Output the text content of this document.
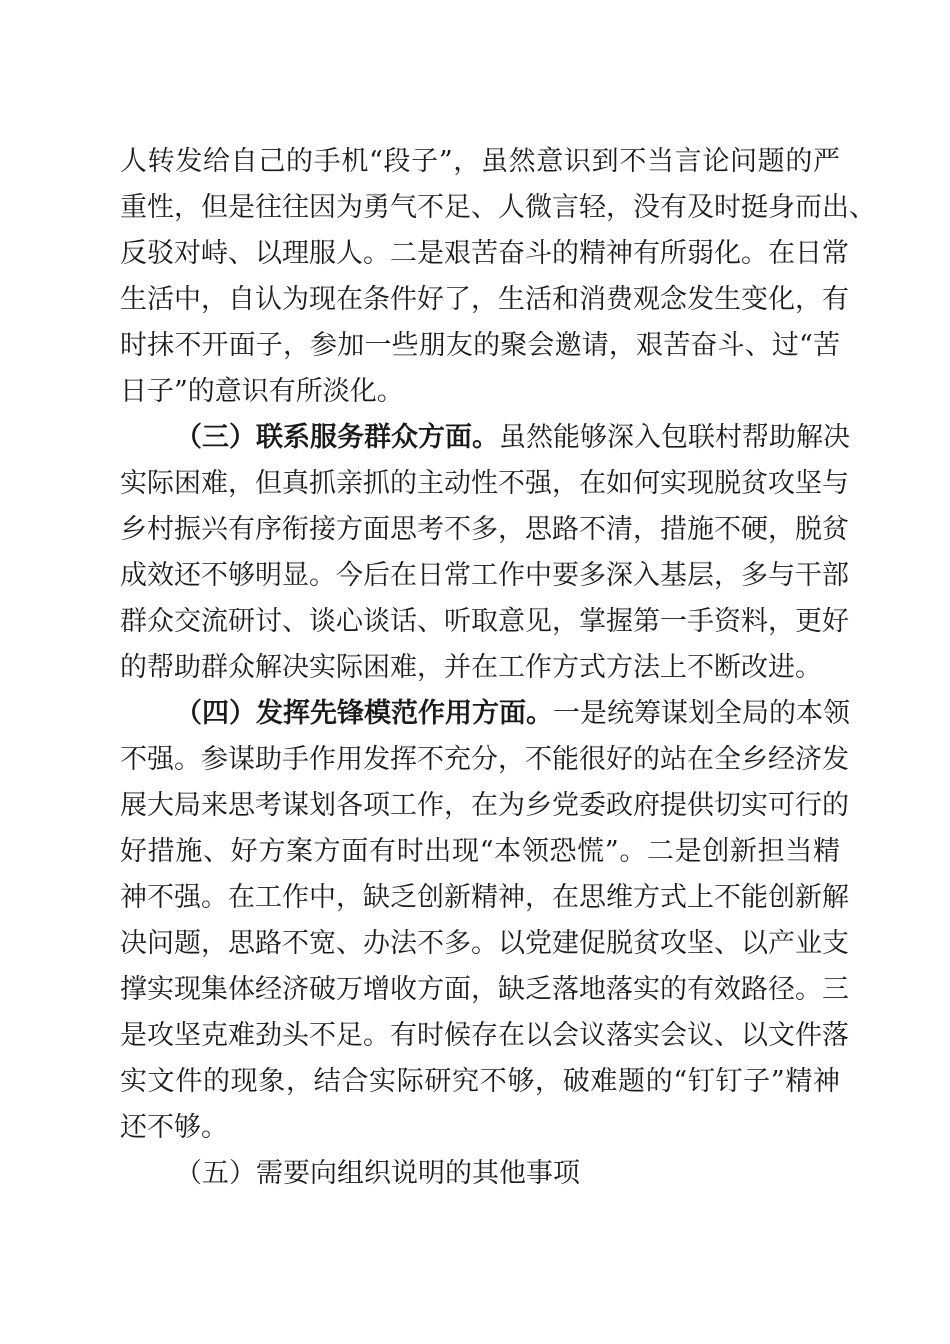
人转发给自己的手机“段子”，虽然意识到不当言论问题的严
重性，但是往往因为勇气不足、人微言轻，没有及时挺身而出、
反驳对峙、以理服人。二是艰苦奋斗的精神有所弱化。在日常
生活中，自认为现在条件好了，生活和消费观念发生变化，有
时抹不开面子，参加一些朋友的聚会邀请，艰苦奋斗、过“苦
日子”的意识有所淡化。
（三）联系服务群众方面。虽然能够深入包联村帮助解决
实际困难，但真抓亲抓的主动性不强，在如何实现脱贫攻坚与
乡村振兴有序衔接方面思考不多，思路不清，措施不硬，脱贫
成效还不够明显。今后在日常工作中要多深入基层，多与干部
群众交流研讨、谈心谈话、听取意见，掌握第一手资料，更好
的帮助群众解决实际困难，并在工作方式方法上不断改进。
（四）发挥先锋模范作用方面。一是统筹谋划全局的本领
不强。参谋助手作用发挥不充分，不能很好的站在全乡经济发
展大局来思考谋划各项工作，在为乡党委政府提供切实可行的
好措施、好方案方面有时出现“本领恐慌”。二是创新担当精
神不强。在工作中，缺乏创新精神，在思维方式上不能创新解
决问题，思路不宽、办法不多。以党建促脱贫攻坚、以产业支
撑实现集体经济破万增收方面，缺乏落地落实的有效路径。三
是攻坚克难劲头不足。有时候存在以会议落实会议、以文件落
实文件的现象，结合实际研究不够，破难题的“钉钉子”精神
还不够。
（五）需要向组织说明的其他事项
